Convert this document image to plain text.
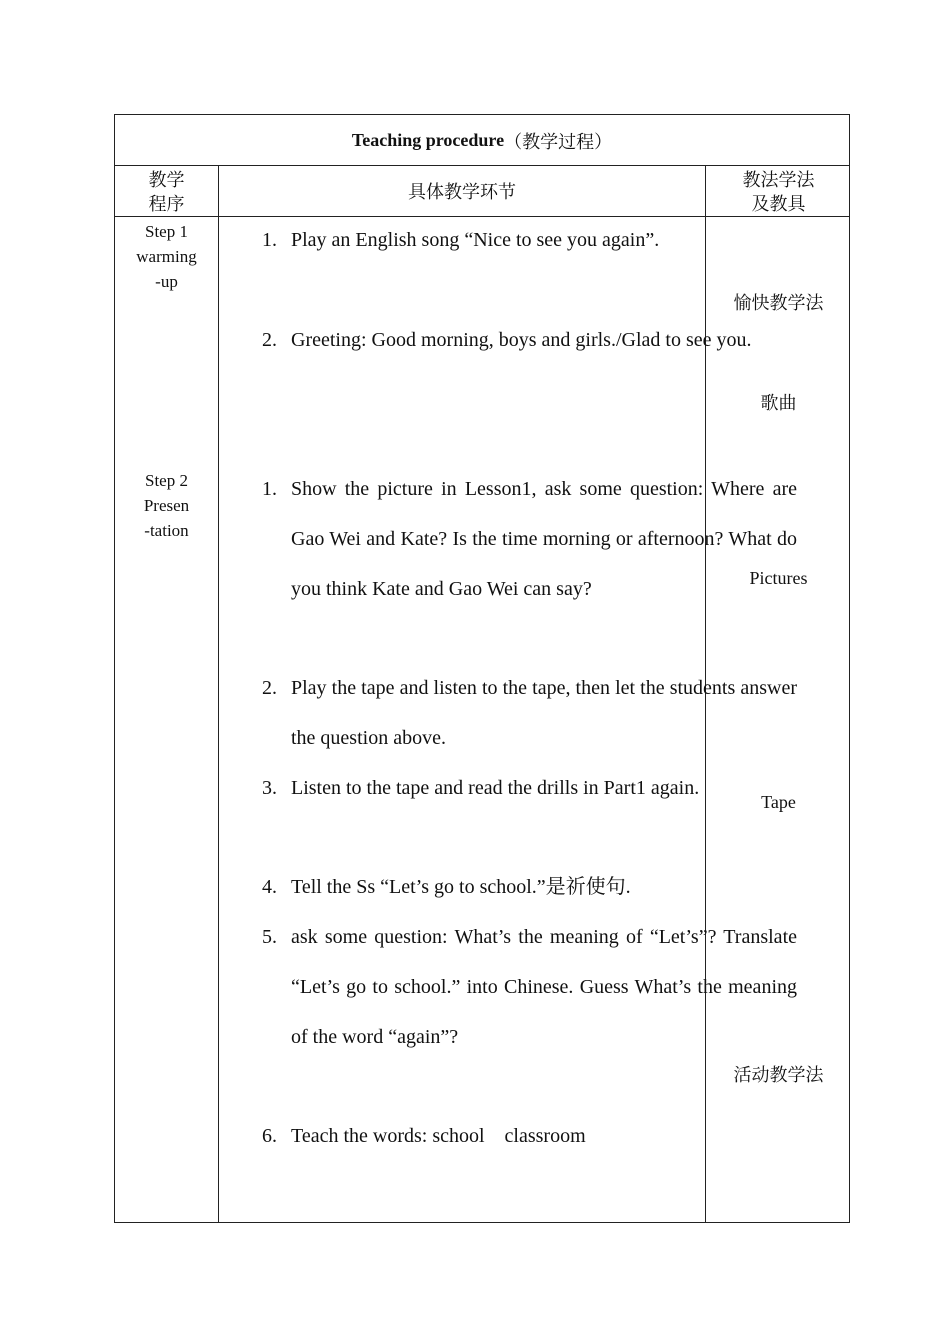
Teaching procedure （教学过程）
教学
程序
具体教学环节
教法学法
及教具
Step 1
warming
-up
Step 2
Presen
-tation
1. Play an English song “Nice to see you again”.
2. Greeting: Good morning, boys and girls./Glad to see you.
1. Show the picture in Lesson1, ask some question: Where are Gao Wei and Kate? Is the time morning or afternoon? What do you think Kate and Gao Wei can say?
2. Play the tape and listen to the tape, then let the students answer the question above.
3. Listen to the tape and read the drills in Part1 again.
4. Tell the Ss “Let’s go to school.”是祈使句.
5. ask some question: What’s the meaning of “Let’s”? Translate “Let’s go to school.” into Chinese. Guess What’s the meaning of the word “again”?
6. Teach the words: school    classroom
愉快教学法
歌曲
Pictures
Tape
活动教学法
